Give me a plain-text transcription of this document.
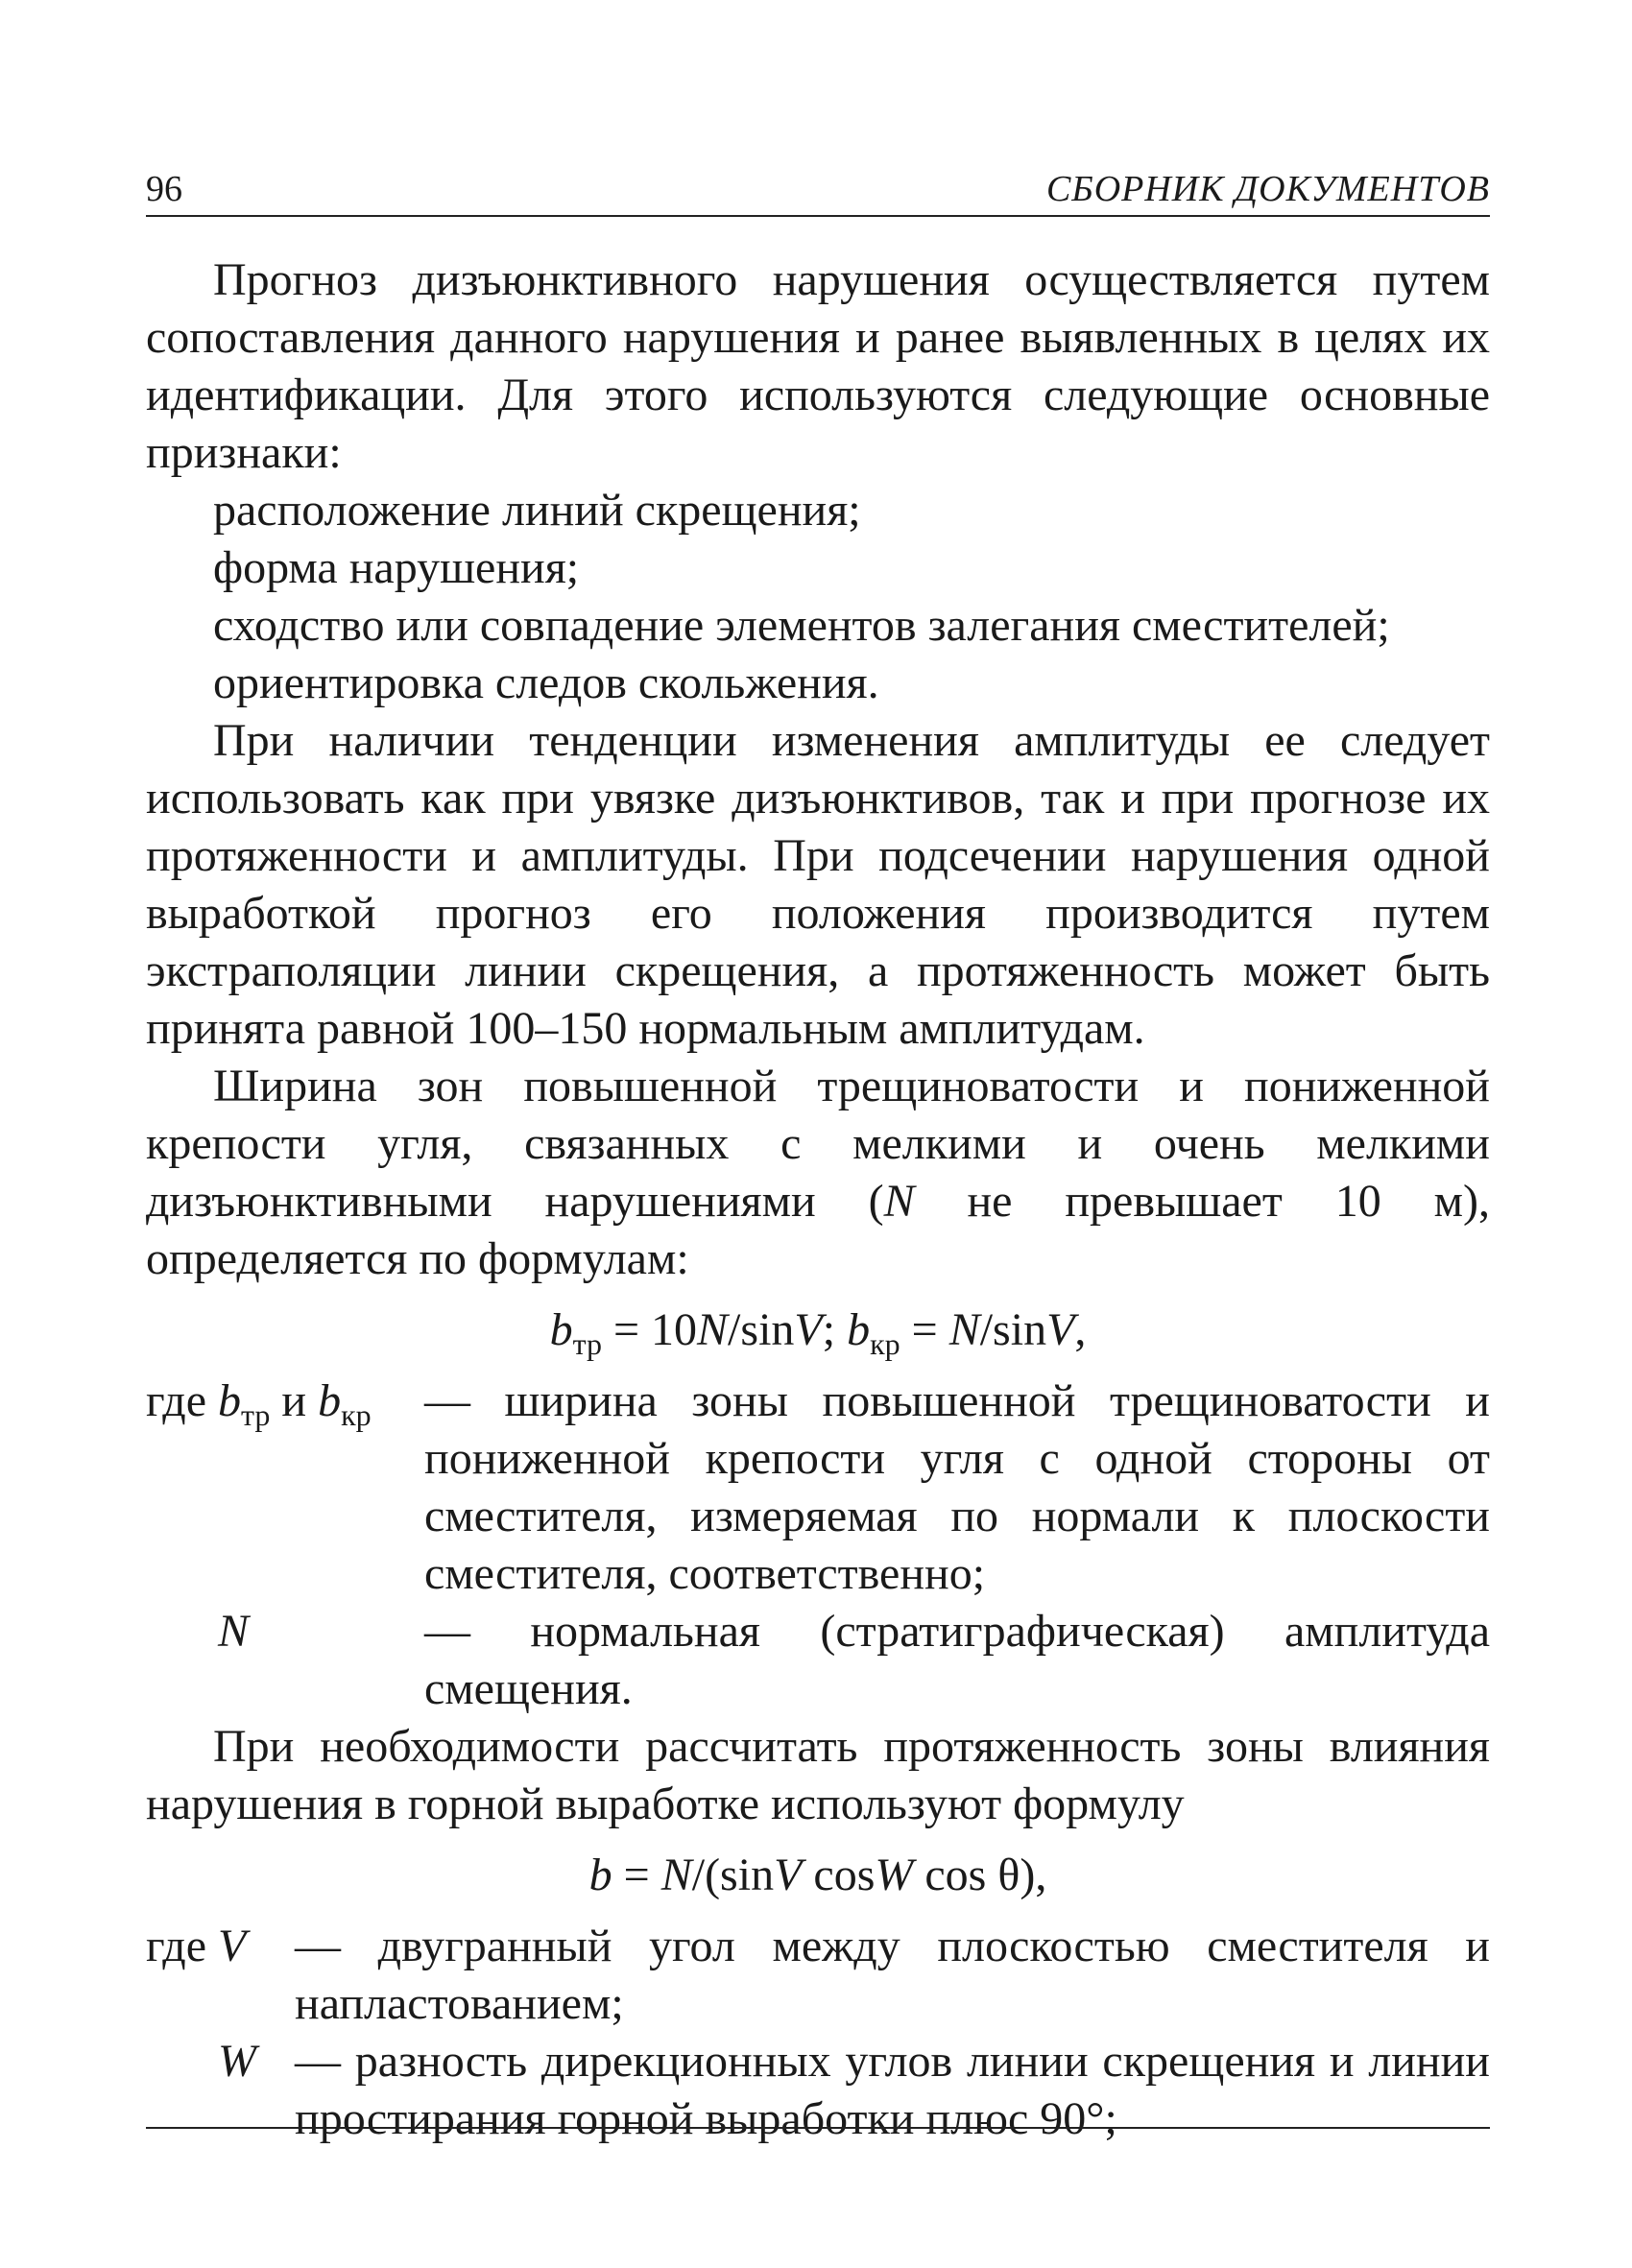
96	СБОРНИК ДОКУМЕНТОВ

Прогноз дизъюнктивного нарушения осуществляется путем сопоставления данного нарушения и ранее выявленных в целях их идентификации. Для этого используются следующие основные признаки:

расположение линий скрещения;

форма нарушения;

сходство или совпадение элементов залегания сместителей;

ориентировка следов скольжения.

При наличии тенденции изменения амплитуды ее следует использовать как при увязке дизъюнктивов, так и при прогнозе их протяженности и амплитуды. При подсечении нарушения одной выработкой прогноз его положения производится путем экстраполяции линии скрещения, а протяженность может быть принята равной 100–150 нормальным амплитудам.

Ширина зон повышенной трещиноватости и пониженной крепости угля, связанных с мелкими и очень мелкими дизъюнктивными нарушениями (N не превышает 10 м), определяется по формулам:

$b_{тр} = 10N/\sin V$; $b_{кр} = N/\sin V$,
где $b_{тр}$ и $b_{кр}$	— ширина зоны повышенной трещиноватости и пониженной крепости угля с одной стороны от сместителя, измеряемая по нормали к плоскости сместителя, соответственно;
N	— нормальная (стратиграфическая) амплитуда смещения.

При необходимости рассчитать протяженность зоны влияния нарушения в горной выработке используют формулу

b = N/(sinV cosW cos θ),
где V	— двугранный угол между плоскостью сместителя и напластованием;
W — разность дирекционных углов линии скрещения и линии простирания горной выработки плюс 90°;
